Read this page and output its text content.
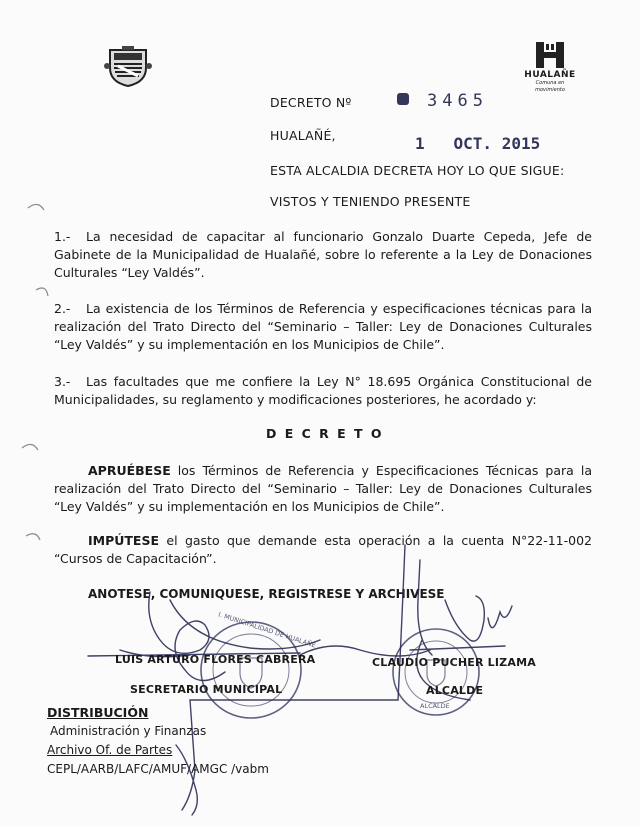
HUALAÑE
Comuna en movimiento
DECRETO Nº	3465
HUALAÑÉ,	1   OCT. 2015
ESTA ALCALDIA DECRETA HOY LO QUE SIGUE:
VISTOS Y TENIENDO PRESENTE
1.- La necesidad de capacitar al funcionario Gonzalo Duarte Cepeda, Jefe de Gabinete de la Municipalidad de Hualañé, sobre lo referente a la Ley de Donaciones Culturales “Ley Valdés”.
2.- La existencia de los Términos de Referencia y especificaciones técnicas para la realización del Trato Directo del “Seminario – Taller: Ley de Donaciones Culturales “Ley Valdés” y su implementación en los Municipios de Chile”.
3.- Las facultades que me confiere la Ley N° 18.695 Orgánica Constitucional de Municipalidades, su reglamento y modificaciones posteriores, he acordado y:
D E C R E T O
APRUÉBESE los Términos de Referencia y Especificaciones Técnicas para la realización del Trato Directo del “Seminario – Taller: Ley de Donaciones Culturales “Ley Valdés” y su implementación en los Municipios de Chile”.
IMPÚTESE el gasto que demande esta operación a la cuenta N°22-11-002 “Cursos de Capacitación”.
ANOTESE, COMUNIQUESE, REGISTRESE Y ARCHIVESE
I. MUNICIPALIDAD DE HUALAÑE
ALCALDE
LUIS ARTURO FLORES CABRERA
SECRETARIO MUNICIPAL
CLAUDIO PUCHER LIZAMA
ALCALDE
DISTRIBUCIÓN
Administración y Finanzas
Archivo Of. de Partes
CEPL/AARB/LAFC/AMUF/AMGC /vabm
